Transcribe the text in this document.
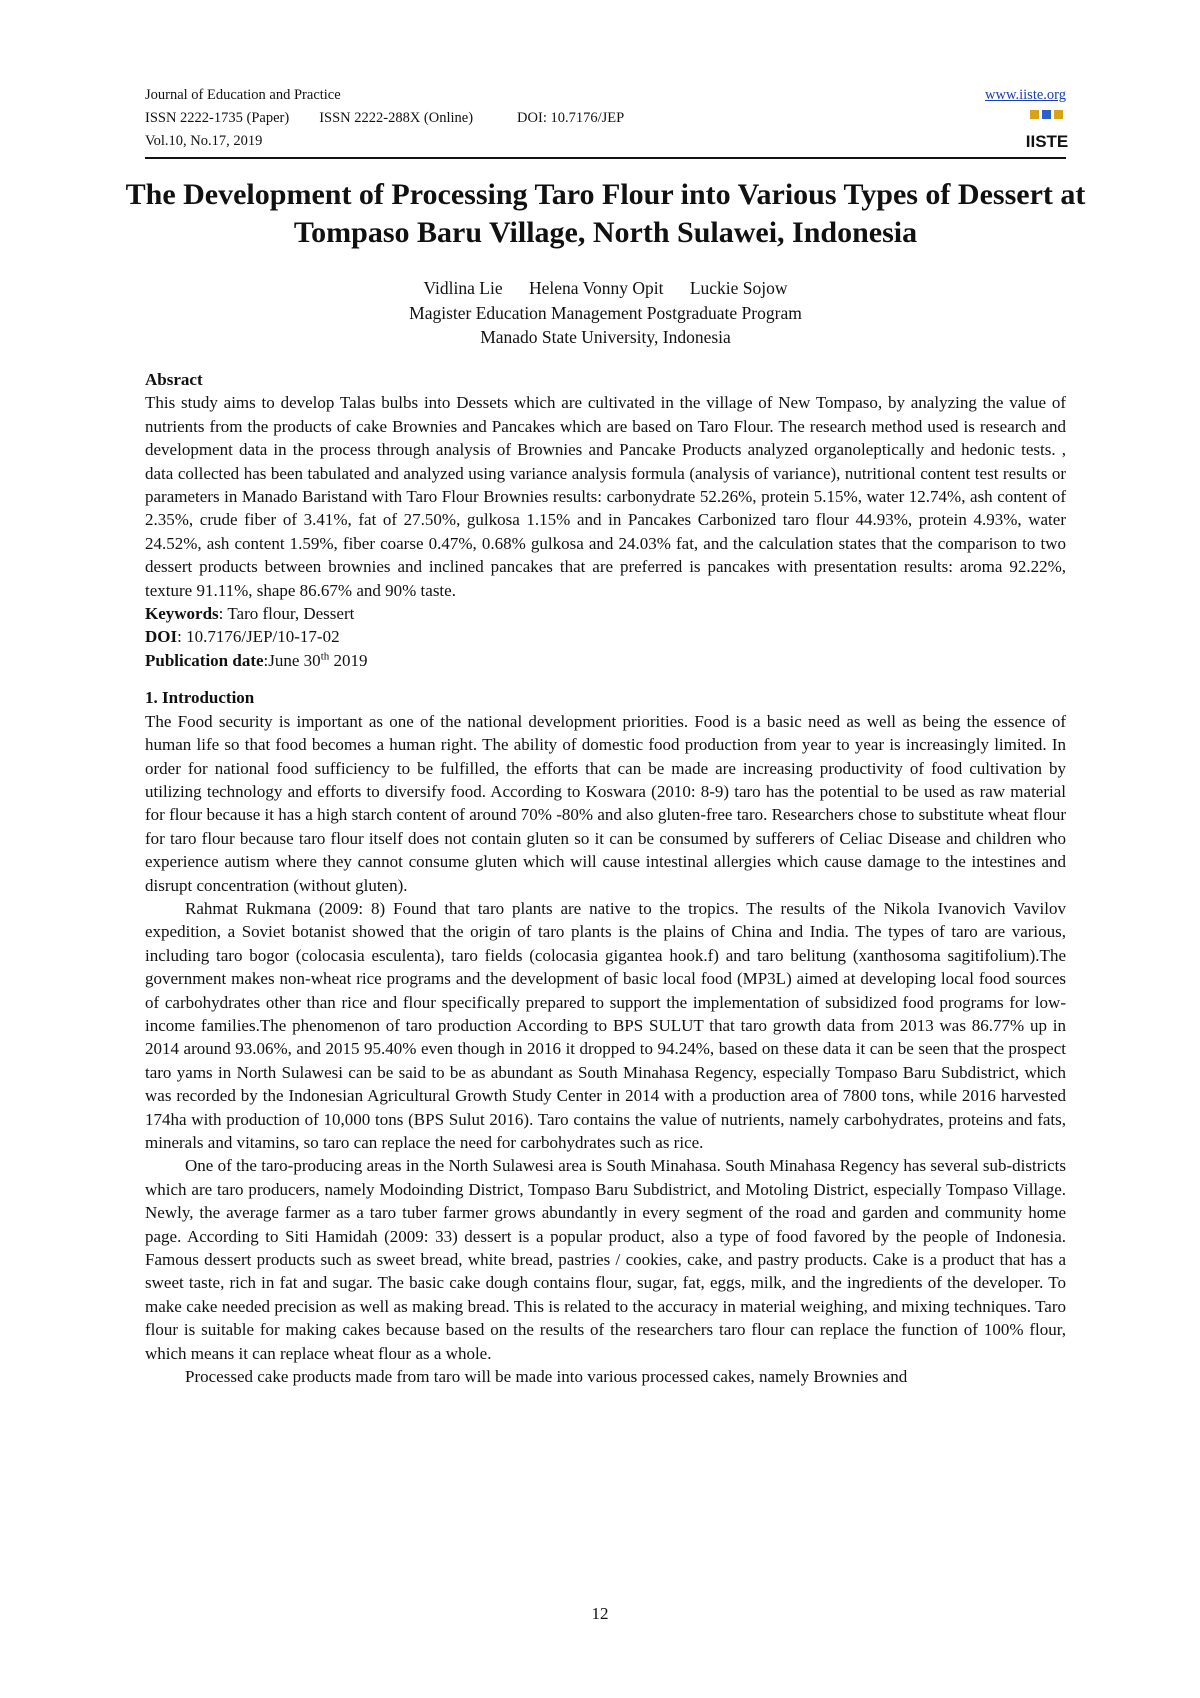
Journal of Education and Practice
ISSN 2222-1735 (Paper) ISSN 2222-288X (Online)	DOI: 10.7176/JEP
Vol.10, No.17, 2019
www.iiste.org
IISTE
The Development of Processing Taro Flour into Various Types of Dessert at Tompaso Baru Village, North Sulawei, Indonesia
Vidlina Lie Helena Vonny Opit Luckie Sojow
Magister Education Management Postgraduate Program
Manado State University, Indonesia
Absract

This study aims to develop Talas bulbs into Dessets which are cultivated in the village of New Tompaso, by analyzing the value of nutrients from the products of cake Brownies and Pancakes which are based on Taro Flour. The research method used is research and development data in the process through analysis of Brownies and Pancake Products analyzed organoleptically and hedonic tests. , data collected has been tabulated and analyzed using variance analysis formula (analysis of variance), nutritional content test results or parameters in Manado Baristand with Taro Flour Brownies results: carbonydrate 52.26%, protein 5.15%, water 12.74%, ash content of 2.35%, crude fiber of 3.41%, fat of 27.50%, gulkosa 1.15% and in Pancakes Carbonized taro flour 44.93%, protein 4.93%, water 24.52%, ash content 1.59%, fiber coarse 0.47%, 0.68% gulkosa and 24.03% fat, and the calculation states that the comparison to two dessert products between brownies and inclined pancakes that are preferred is pancakes with presentation results: aroma 92.22%, texture 91.11%, shape 86.67% and 90% taste.

Keywords: Taro flour, Dessert
DOI: 10.7176/JEP/10-17-02
Publication date:June 30th 2019
1. Introduction

The Food security is important as one of the national development priorities. Food is a basic need as well as being the essence of human life so that food becomes a human right. The ability of domestic food production from year to year is increasingly limited. In order for national food sufficiency to be fulfilled, the efforts that can be made are increasing productivity of food cultivation by utilizing technology and efforts to diversify food. According to Koswara (2010: 8-9) taro has the potential to be used as raw material for flour because it has a high starch content of around 70% -80% and also gluten-free taro. Researchers chose to substitute wheat flour for taro flour because taro flour itself does not contain gluten so it can be consumed by sufferers of Celiac Disease and children who experience autism where they cannot consume gluten which will cause intestinal allergies which cause damage to the intestines and disrupt concentration (without gluten).

Rahmat Rukmana (2009: 8) Found that taro plants are native to the tropics. The results of the Nikola Ivanovich Vavilov expedition, a Soviet botanist showed that the origin of taro plants is the plains of China and India. The types of taro are various, including taro bogor (colocasia esculenta), taro fields (colocasia gigantea hook.f) and taro belitung (xanthosoma sagitifolium).The government makes non-wheat rice programs and the development of basic local food (MP3L) aimed at developing local food sources of carbohydrates other than rice and flour specifically prepared to support the implementation of subsidized food programs for low-income families.The phenomenon of taro production According to BPS SULUT that taro growth data from 2013 was 86.77% up in 2014 around 93.06%, and 2015 95.40% even though in 2016 it dropped to 94.24%, based on these data it can be seen that the prospect taro yams in North Sulawesi can be said to be as abundant as South Minahasa Regency, especially Tompaso Baru Subdistrict, which was recorded by the Indonesian Agricultural Growth Study Center in 2014 with a production area of 7800 tons, while 2016 harvested 174ha with production of 10,000 tons (BPS Sulut 2016). Taro contains the value of nutrients, namely carbohydrates, proteins and fats, minerals and vitamins, so taro can replace the need for carbohydrates such as rice.

One of the taro-producing areas in the North Sulawesi area is South Minahasa. South Minahasa Regency has several sub-districts which are taro producers, namely Modoinding District, Tompaso Baru Subdistrict, and Motoling District, especially Tompaso Village. Newly, the average farmer as a taro tuber farmer grows abundantly in every segment of the road and garden and community home page. According to Siti Hamidah (2009: 33) dessert is a popular product, also a type of food favored by the people of Indonesia. Famous dessert products such as sweet bread, white bread, pastries / cookies, cake, and pastry products. Cake is a product that has a sweet taste, rich in fat and sugar. The basic cake dough contains flour, sugar, fat, eggs, milk, and the ingredients of the developer. To make cake needed precision as well as making bread. This is related to the accuracy in material weighing, and mixing techniques. Taro flour is suitable for making cakes because based on the results of the researchers taro flour can replace the function of 100% flour, which means it can replace wheat flour as a whole.

Processed cake products made from taro will be made into various processed cakes, namely Brownies and

12
